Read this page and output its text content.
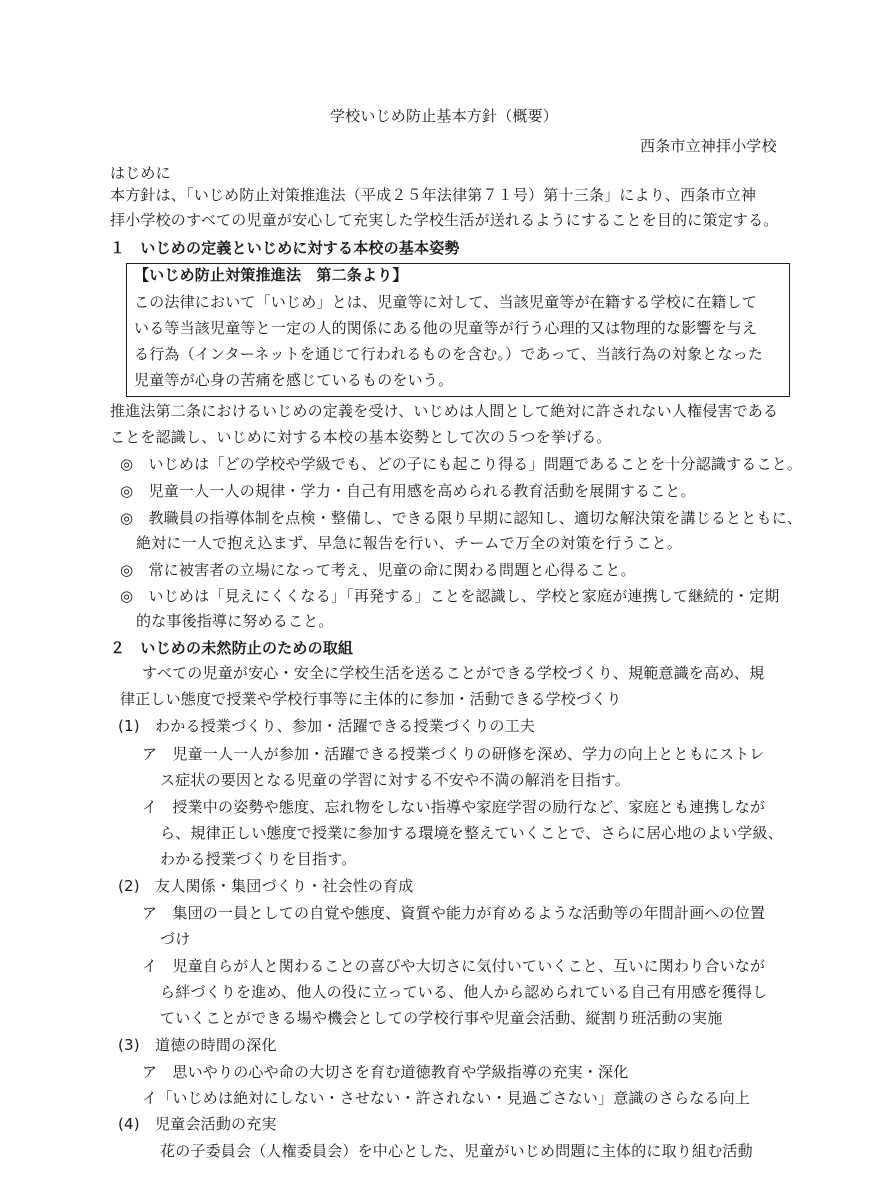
学校いじめ防止基本方針（概要）
西条市立神拝小学校
はじめに
本方針は、「いじめ防止対策推進法（平成２５年法律第７１号）第十三条」により、西条市立神
拝小学校のすべての児童が安心して充実した学校生活が送れるようにすることを目的に策定する。
１　いじめの定義といじめに対する本校の基本姿勢
【いじめ防止対策推進法　第二条より】
この法律において「いじめ」とは、児童等に対して、当該児童等が在籍する学校に在籍して
いる等当該児童等と一定の人的関係にある他の児童等が行う心理的又は物理的な影響を与え
る行為（インターネットを通じて行われるものを含む。）であって、当該行為の対象となった
児童等が心身の苦痛を感じているものをいう。
推進法第二条におけるいじめの定義を受け、いじめは人間として絶対に許されない人権侵害である
ことを認識し、いじめに対する本校の基本姿勢として次の５つを挙げる。
◎　いじめは「どの学校や学級でも、どの子にも起こり得る」問題であることを十分認識すること。
◎　児童一人一人の規律・学力・自己有用感を高められる教育活動を展開すること。
◎　教職員の指導体制を点検・整備し、できる限り早期に認知し、適切な解決策を講じるとともに、
絶対に一人で抱え込まず、早急に報告を行い、チームで万全の対策を行うこと。
◎　常に被害者の立場になって考え、児童の命に関わる問題と心得ること。
◎　いじめは「見えにくくなる」「再発する」ことを認識し、学校と家庭が連携して継続的・定期
的な事後指導に努めること。
２　いじめの未然防止のための取組
すべての児童が安心・安全に学校生活を送ることができる学校づくり、規範意識を高め、規
律正しい態度で授業や学校行事等に主体的に参加・活動できる学校づくり
(1)　わかる授業づくり、参加・活躍できる授業づくりの工夫
ア　児童一人一人が参加・活躍できる授業づくりの研修を深め、学力の向上とともにストレ
ス症状の要因となる児童の学習に対する不安や不満の解消を目指す。
イ　授業中の姿勢や態度、忘れ物をしない指導や家庭学習の励行など、家庭とも連携しなが
ら、規律正しい態度で授業に参加する環境を整えていくことで、さらに居心地のよい学級、
わかる授業づくりを目指す。
(2)　友人関係・集団づくり・社会性の育成
ア　集団の一員としての自覚や態度、資質や能力が育めるような活動等の年間計画への位置
づけ
イ　児童自らが人と関わることの喜びや大切さに気付いていくこと、互いに関わり合いなが
ら絆づくりを進め、他人の役に立っている、他人から認められている自己有用感を獲得し
ていくことができる場や機会としての学校行事や児童会活動、縦割り班活動の実施
(3)　道徳の時間の深化
ア　思いやりの心や命の大切さを育む道徳教育や学級指導の充実・深化
イ「いじめは絶対にしない・させない・許されない・見過ごさない」意識のさらなる向上
(4)　児童会活動の充実
花の子委員会（人権委員会）を中心とした、児童がいじめ問題に主体的に取り組む活動
